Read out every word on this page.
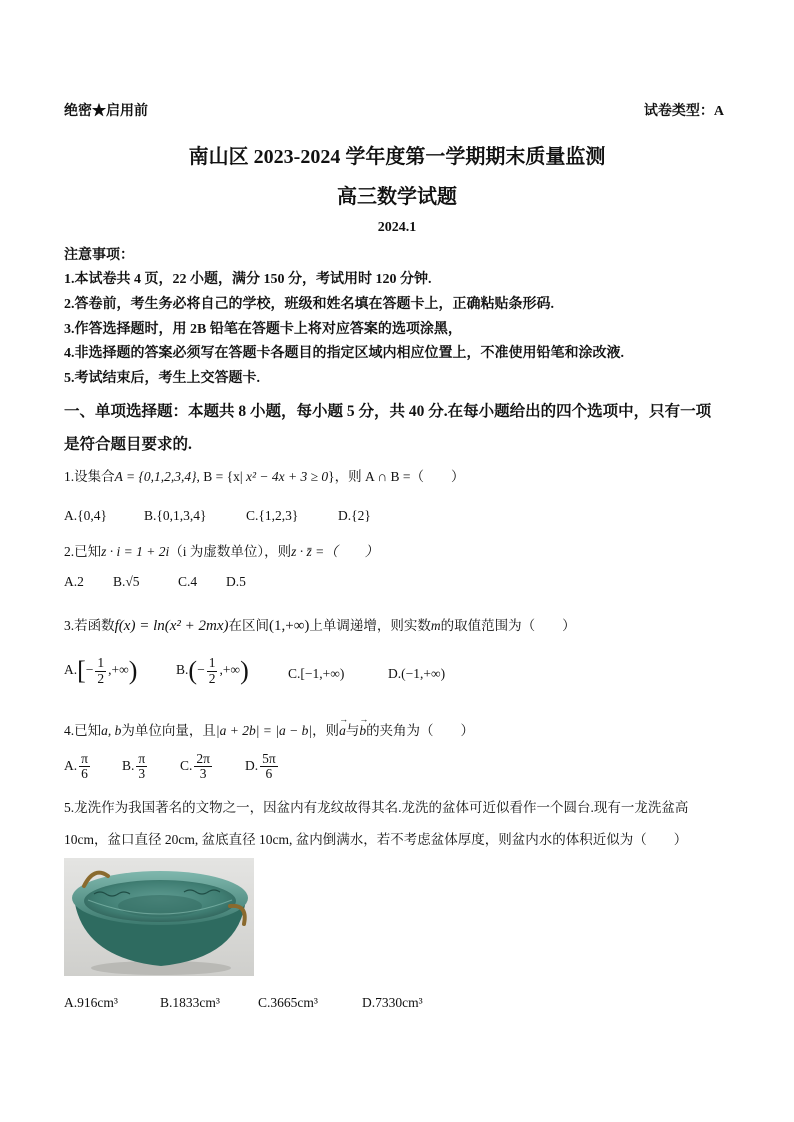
绝密★启用前	试卷类型：A
南山区 2023-2024 学年度第一学期期末质量监测
高三数学试题
2024.1
注意事项：
1.本试卷共 4 页，22 小题，满分 150 分，考试用时 120 分钟.
2.答卷前，考生务必将自己的学校，班级和姓名填在答题卡上，正确粘贴条形码.
3.作答选择题时，用 2B 铅笔在答题卡上将对应答案的选项涂黑，
4.非选择题的答案必须写在答题卡各题目的指定区域内相应位置上，不准使用铅笔和涂改液.
5.考试结束后，考生上交答题卡.
一、单项选择题：本题共 8 小题，每小题 5 分，共 40 分.在每小题给出的四个选项中，只有一项
是符合题目要求的.
1.设集合A = {0,1,2,3,4}, B = {x| x² − 4x + 3 ≥ 0}，则 A ∩ B =（　　）
A.{0,4}	B.{0,1,3,4}	C.{1,2,3}	D.{2}
2.已知z · i = 1 + 2i（i 为虚数单位），则z · z̄ =（　　）
A.2 B.√5	C.4 D.5
3.若函数f(x) = ln(x² + 2mx)在区间(1,+∞)上单调递增，则实数m的取值范围为（　　）
$A.[- \frac{1}{2}$ ,+∞)	$B.(- \frac{1}{2}$ ,+∞)	C.[−1,+∞)	D.(−1,+∞)
4.已知a, b为单位向量，且|a + 2b| = |a − b|，则→ a与→ b的夹角为（　　）
A. $\frac{\pi}{6} B$. $\frac{\pi}{3} C$. $\frac{2\pi}{3} D$. $\frac{5\pi}{6}$
5.龙洗作为我国著名的文物之一，因盆内有龙纹故得其名.龙洗的盆体可近似看作一个圆台.现有一龙洗盆高
10cm，盆口直径 20cm, 盆底直径 10cm, 盆内倒满水，若不考虑盆体厚度，则盆内水的体积近似为（　　）
A.916cm³	B.1833cm³	C.3665cm³	D.7330cm³
